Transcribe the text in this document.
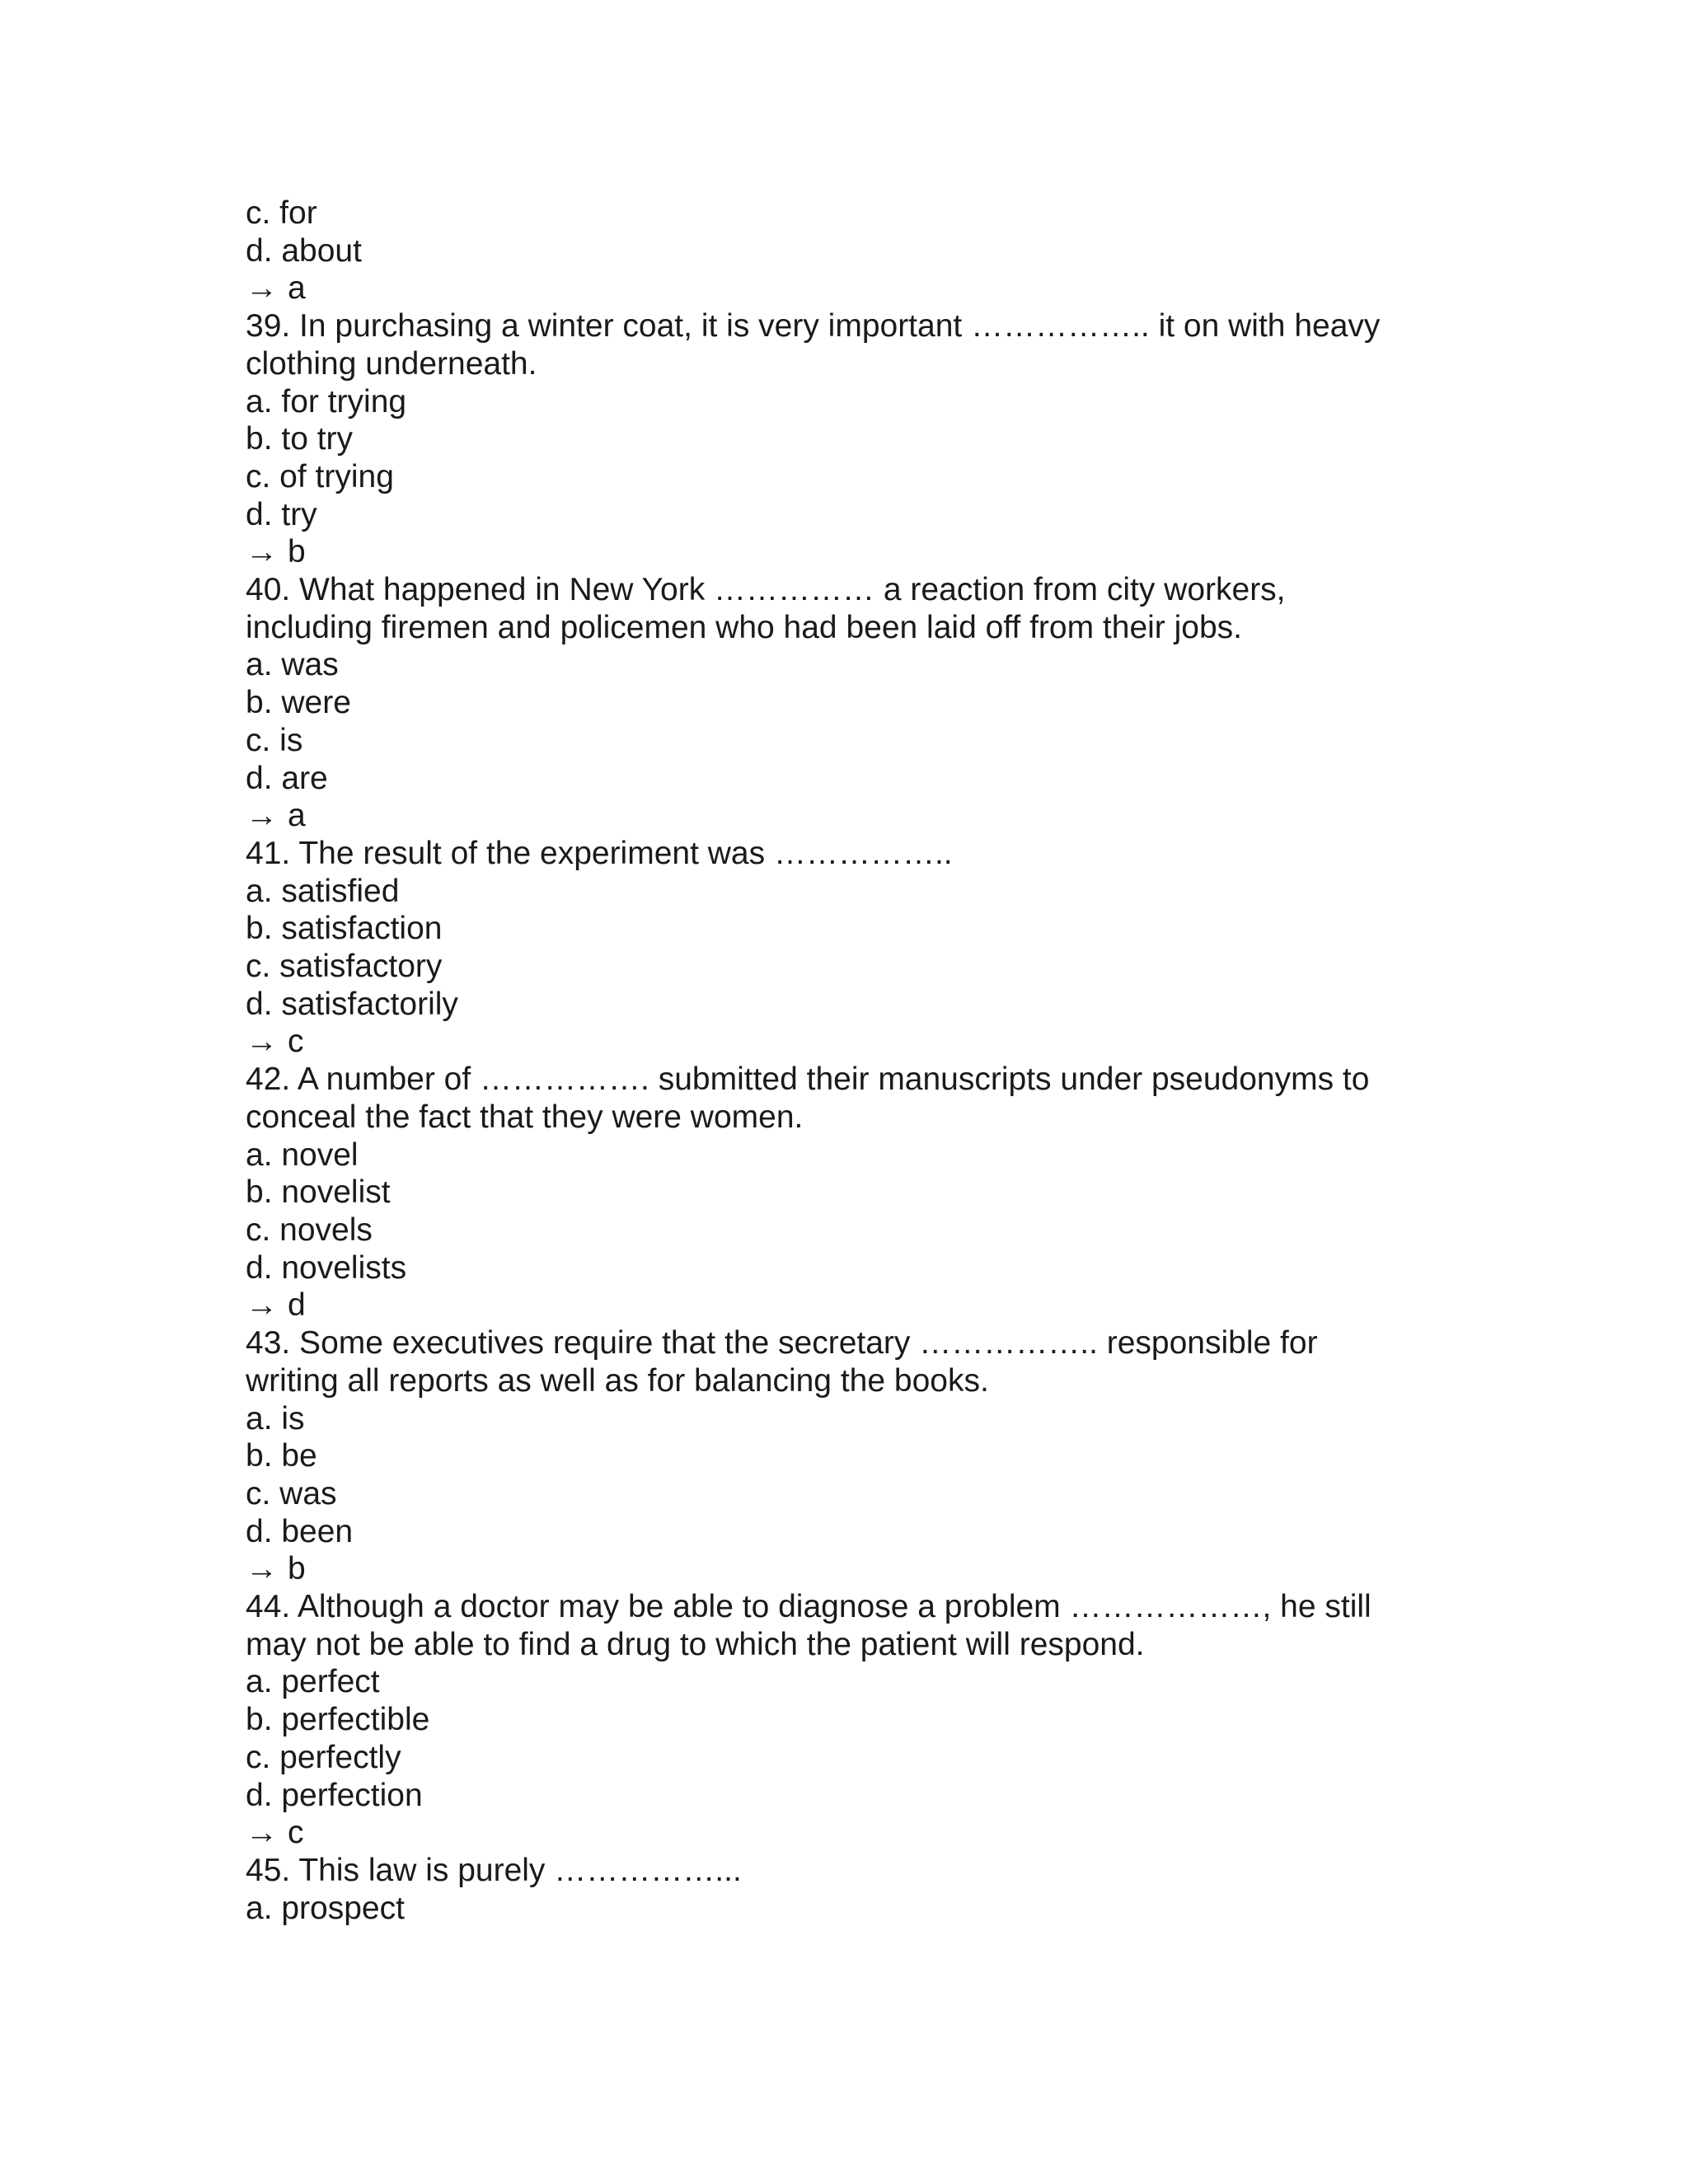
c. for

d. about

→ a

39. In purchasing a winter coat, it is very important …………….. it on with heavy

clothing underneath.

a. for trying

b. to try

c. of trying

d. try

→ b

40. What happened in New York …………… a reaction from city workers,

including firemen and policemen who had been laid off from their jobs.

a. was

b. were

c. is

d. are

→ a

41. The result of the experiment was ……………..

a. satisfied

b. satisfaction

c. satisfactory

d. satisfactorily

→ c

42. A number of ……………. submitted their manuscripts under pseudonyms to

conceal the fact that they were women.

a. novel

b. novelist

c. novels

d. novelists

→ d

43. Some executives require that the secretary …………….. responsible for

writing all reports as well as for balancing the books.

a. is

b. be

c. was

d. been

→ b

44. Although a doctor may be able to diagnose a problem ………………, he still

may not be able to find a drug to which the patient will respond.

a. perfect

b. perfectible

c. perfectly

d. perfection

→ c

45. This law is purely ……………...

a. prospect
